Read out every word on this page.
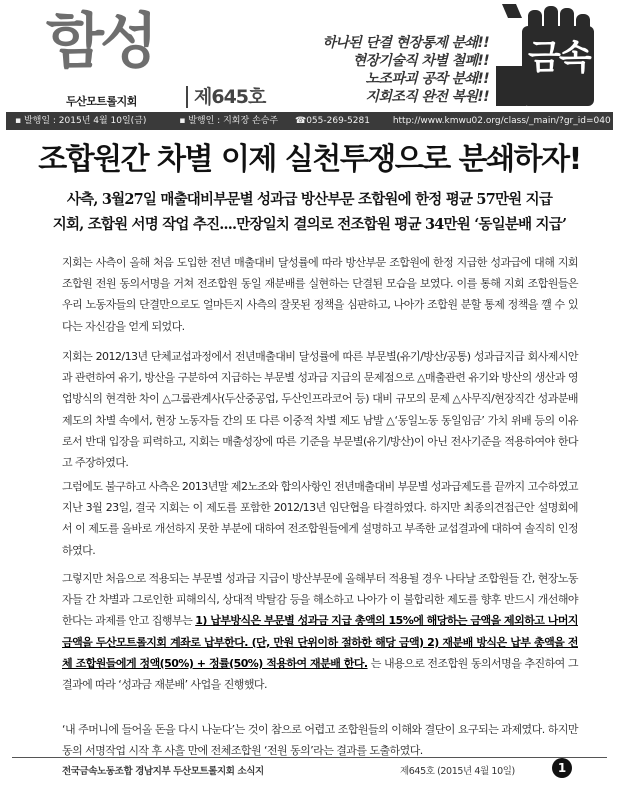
함성
두산모트롤지회	제645호
하나된 단결 현장통제 분쇄!!
현장기술직 차별 철폐!!
노조파괴 공작 분쇄!!
지회조직 완전 복원!!
금속
▪ 발행일 : 2015년 4월 10일(금)	▪ 발행인 : 지회장 손승주 ☎055-269-5281	http://www.kmwu02.org/class/_main/?gr_id=040
조합원간 차별 이제 실천투쟁으로 분쇄하자!
사측, 3월27일 매출대비부문별 성과급 방산부문 조합원에 한정 평균 57만원 지급
지회, 조합원 서명 작업 추진....만장일치 결의로 전조합원 평균 34만원 ‘동일분배 지급’
지회는 사측이 올해 처음 도입한 전년 매출대비 달성률에 따라 방산부문 조합원에 한정 지급한 성과급에 대해 지회 조합원 전원 동의서명을 거쳐 전조합원 동일 재분배를 실현하는 단결된 모습을 보였다. 이를 통해 지회 조합원들은 우리 노동자들의 단결만으로도 얼마든지 사측의 잘못된 정책을 심판하고, 나아가 조합원 분할 통제 정책을 깰 수 있다는 자신감을 얻게 되었다.
지회는 2012/13년 단체교섭과정에서 전년매출대비 달성률에 따른 부문별(유기/방산/공통) 성과급지급 회사제시안과 관련하여 유기, 방산을 구분하여 지급하는 부문별 성과급 지급의 문제점으로 △매출관련 유기와 방산의 생산과 영업방식의 현격한 차이 △그룹관계사(두산중공업, 두산인프라코어 등) 대비 규모의 문제 △사무직/현장직간 성과분배제도의 차별 속에서, 현장 노동자들 간의 또 다른 이중적 차별 제도 남발 △‘동일노동 동일임금’ 가치 위배 등의 이유로서 반대 입장을 피력하고, 지회는 매출성장에 따른 기준을 부문별(유기/방산)이 아닌 전사기준을 적용하여야 한다고 주장하였다.
그럼에도 불구하고 사측은 2013년말 제2노조와 합의사항인 전년매출대비 부문별 성과급제도를 끝까지 고수하였고 지난 3월 23일, 결국 지회는 이 제도를 포함한 2012/13년 임단협을 타결하였다. 하지만 최종의견접근안 설명회에서 이 제도를 올바로 개선하지 못한 부분에 대하여 전조합원들에게 설명하고 부족한 교섭결과에 대하여 솔직히 인정하였다.
그렇지만 처음으로 적용되는 부문별 성과급 지급이 방산부문에 올해부터 적용될 경우 나타날 조합원들 간, 현장노동자들 간 차별과 그로인한 피해의식, 상대적 박탈감 등을 해소하고 나아가 이 불합리한 제도를 향후 반드시 개선해야 한다는 과제를 안고 집행부는 1) 납부방식은 부문별 성과금 지급 총액의 15%에 해당하는 금액을 제외하고 나머지 금액을 두산모트롤지회 계좌로 납부한다. (단, 만원 단위이하 절하한 해당 금액) 2) 재분배 방식은 납부 총액을 전체 조합원들에게 정액(50%) + 정률(50%) 적용하여 재분배 한다. 는 내용으로 전조합원 동의서명을 추진하여 그 결과에 따라 ‘성과금 재분배’ 사업을 진행했다.
‘내 주머니에 들어올 돈을 다시 나눈다’는 것이 참으로 어렵고 조합원들의 이해와 결단이 요구되는 과제였다. 하지만 동의 서명작업 시작 후 사흘 만에 전체조합원 ‘전원 동의’라는 결과를 도출하였다.
전국금속노동조합 경남지부 두산모트롤지회 소식지	제645호 (2015년 4월 10일)	1
